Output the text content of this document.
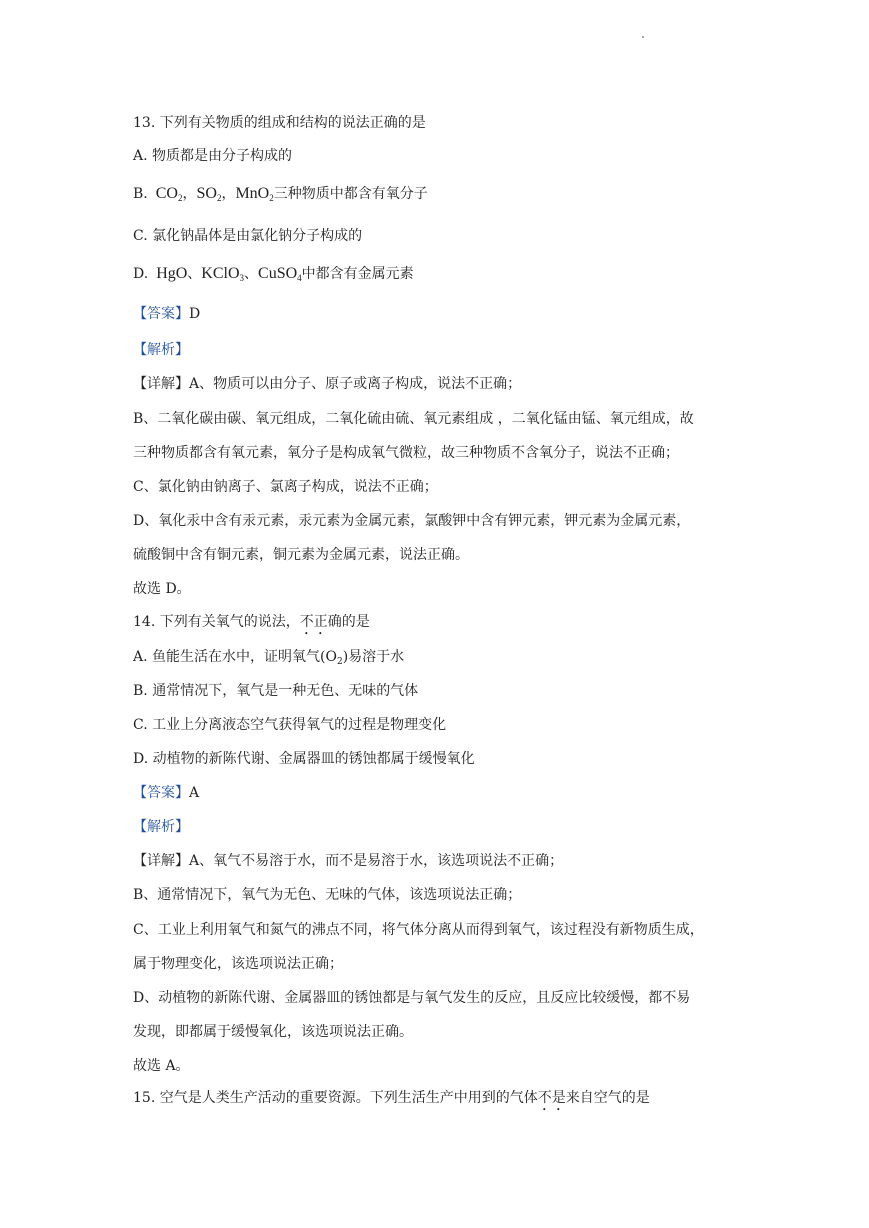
13. 下列有关物质的组成和结构的说法正确的是
A. 物质都是由分子构成的
B. $CO_2$，$SO_2$，MnO$_2$三种物质中都含有氧分子
C. 氯化钠晶体是由氯化钠分子构成的
D. HgO、KClO$_3$、CuSO$_4$中都含有金属元素
【答案】D
【解析】
【详解】A、物质可以由分子、原子或离子构成，说法不正确；
B、二氧化碳由碳、氧元组成，二氧化硫由硫、氧元素组成 ，二氧化锰由锰、氧元组成，故
三种物质都含有氧元素，氧分子是构成氧气微粒，故三种物质不含氧分子，说法不正确；
C、氯化钠由钠离子、氯离子构成，说法不正确；
D、氧化汞中含有汞元素，汞元素为金属元素，氯酸钾中含有钾元素，钾元素为金属元素，
硫酸铜中含有铜元素，铜元素为金属元素，说法正确。
故选 D。
14. 下列有关氧气的说法，不正确的是
A. 鱼能生活在水中，证明氧气$(O_2)$易溶于水
B. 通常情况下，氧气是一种无色、无味的气体
C. 工业上分离液态空气获得氧气的过程是物理变化
D. 动植物的新陈代谢、金属器皿的锈蚀都属于缓慢氧化
【答案】A
【解析】
【详解】A、氧气不易溶于水，而不是易溶于水，该选项说法不正确；
B、通常情况下，氧气为无色、无味的气体，该选项说法正确；
C、工业上利用氧气和氮气的沸点不同，将气体分离从而得到氧气，该过程没有新物质生成，
属于物理变化，该选项说法正确；
D、动植物的新陈代谢、金属器皿的锈蚀都是与氧气发生的反应，且反应比较缓慢，都不易
发现，即都属于缓慢氧化，该选项说法正确。
故选 A。
15. 空气是人类生产活动的重要资源。下列生活生产中用到的气体不是来自空气的是
